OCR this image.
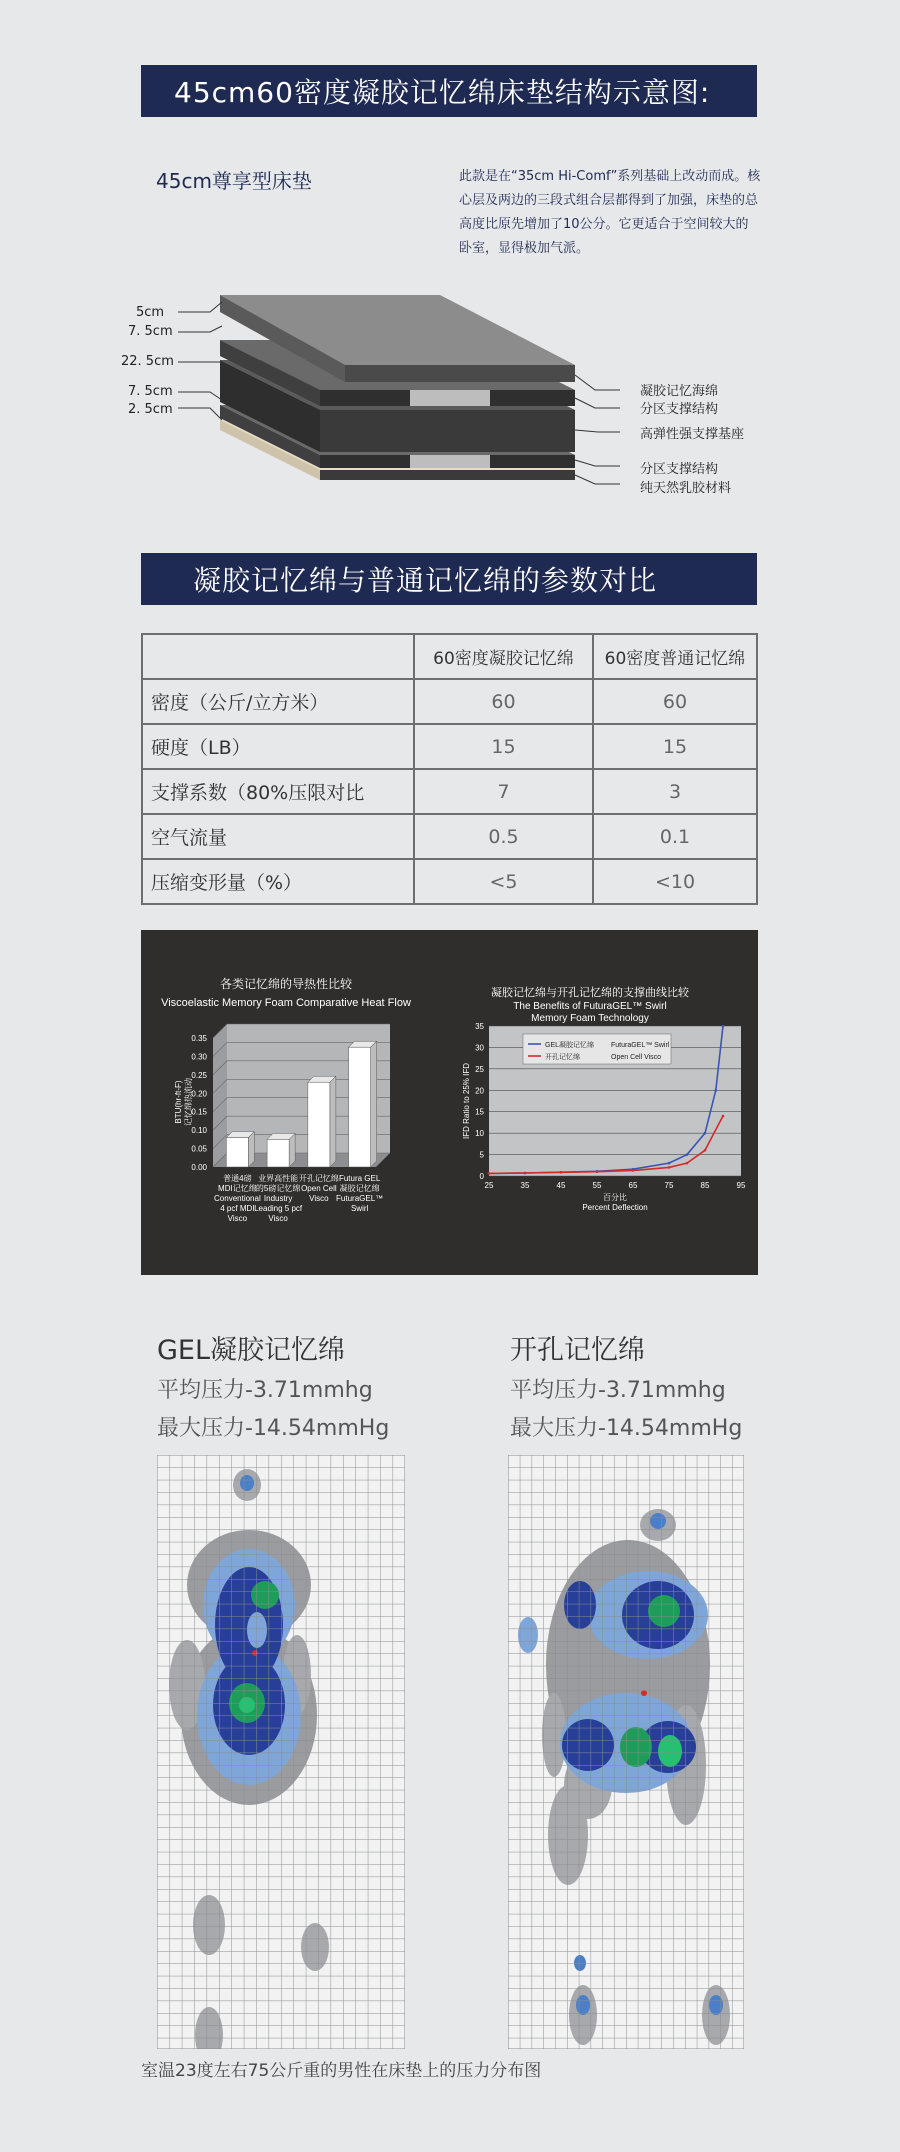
45cm60密度凝胶记忆绵床垫结构示意图:
45cm尊享型床垫	此款是在“35cm Hi-Comf”系列基础上改动而成。核心层及两边的三段式组合层都得到了加强，床垫的总高度比原先增加了10公分。它更适合于空间较大的卧室，显得极加气派。
5cm
7. 5cm
22. 5cm
7. 5cm
2. 5cm
凝胶记忆海绵
分区支撑结构
高弹性强支撑基座
分区支撑结构
纯天然乳胶材料
凝胶记忆绵与普通记忆绵的参数对比
	60密度凝胶记忆绵	60密度普通记忆绵
密度（公斤/立方米）	60	60
硬度（LB）	15	15
支撑系数（80%压限对比	7	3
空气流量	0.5	0.1
压缩变形量（%）	<5	<10
各类记忆绵的导热性比较
Viscoelastic Memory Foam Comparative Heat Flow
0.35
0.30
0.25
0.20
0.15
0.10
0.05
0.00
BTU(hr-ft-F) 记忆绵热流动
普通4磅
MDI记忆绵
Conventional
4 pcf MDI
Visco
业界高性能
的5磅记忆绵
Industry
Leading 5 pcf
Visco
开孔记忆绵
Open Cell
Visco
Futura GEL
凝胶记忆绵
FuturaGEL™
Swirl
凝胶记忆绵与开孔记忆绵的支撑曲线比较
The Benefits of FuturaGEL™ Swirl
Memory Foam Technology
0
5
10
15
20
25
30
35
25	35	45	55	65	75	85	95
百分比
Percent Deflection
IFD Ratio to 25% IFD
GEL凝胶记忆绵 FuturaGEL™ Swirl
开孔记忆绵	Open Cell Visco
GEL凝胶记忆绵
平均压力-3.71mmhg
最大压力-14.54mmHg
开孔记忆绵
平均压力-3.71mmhg
最大压力-14.54mmHg
室温23度左右75公斤重的男性在床垫上的压力分布图
